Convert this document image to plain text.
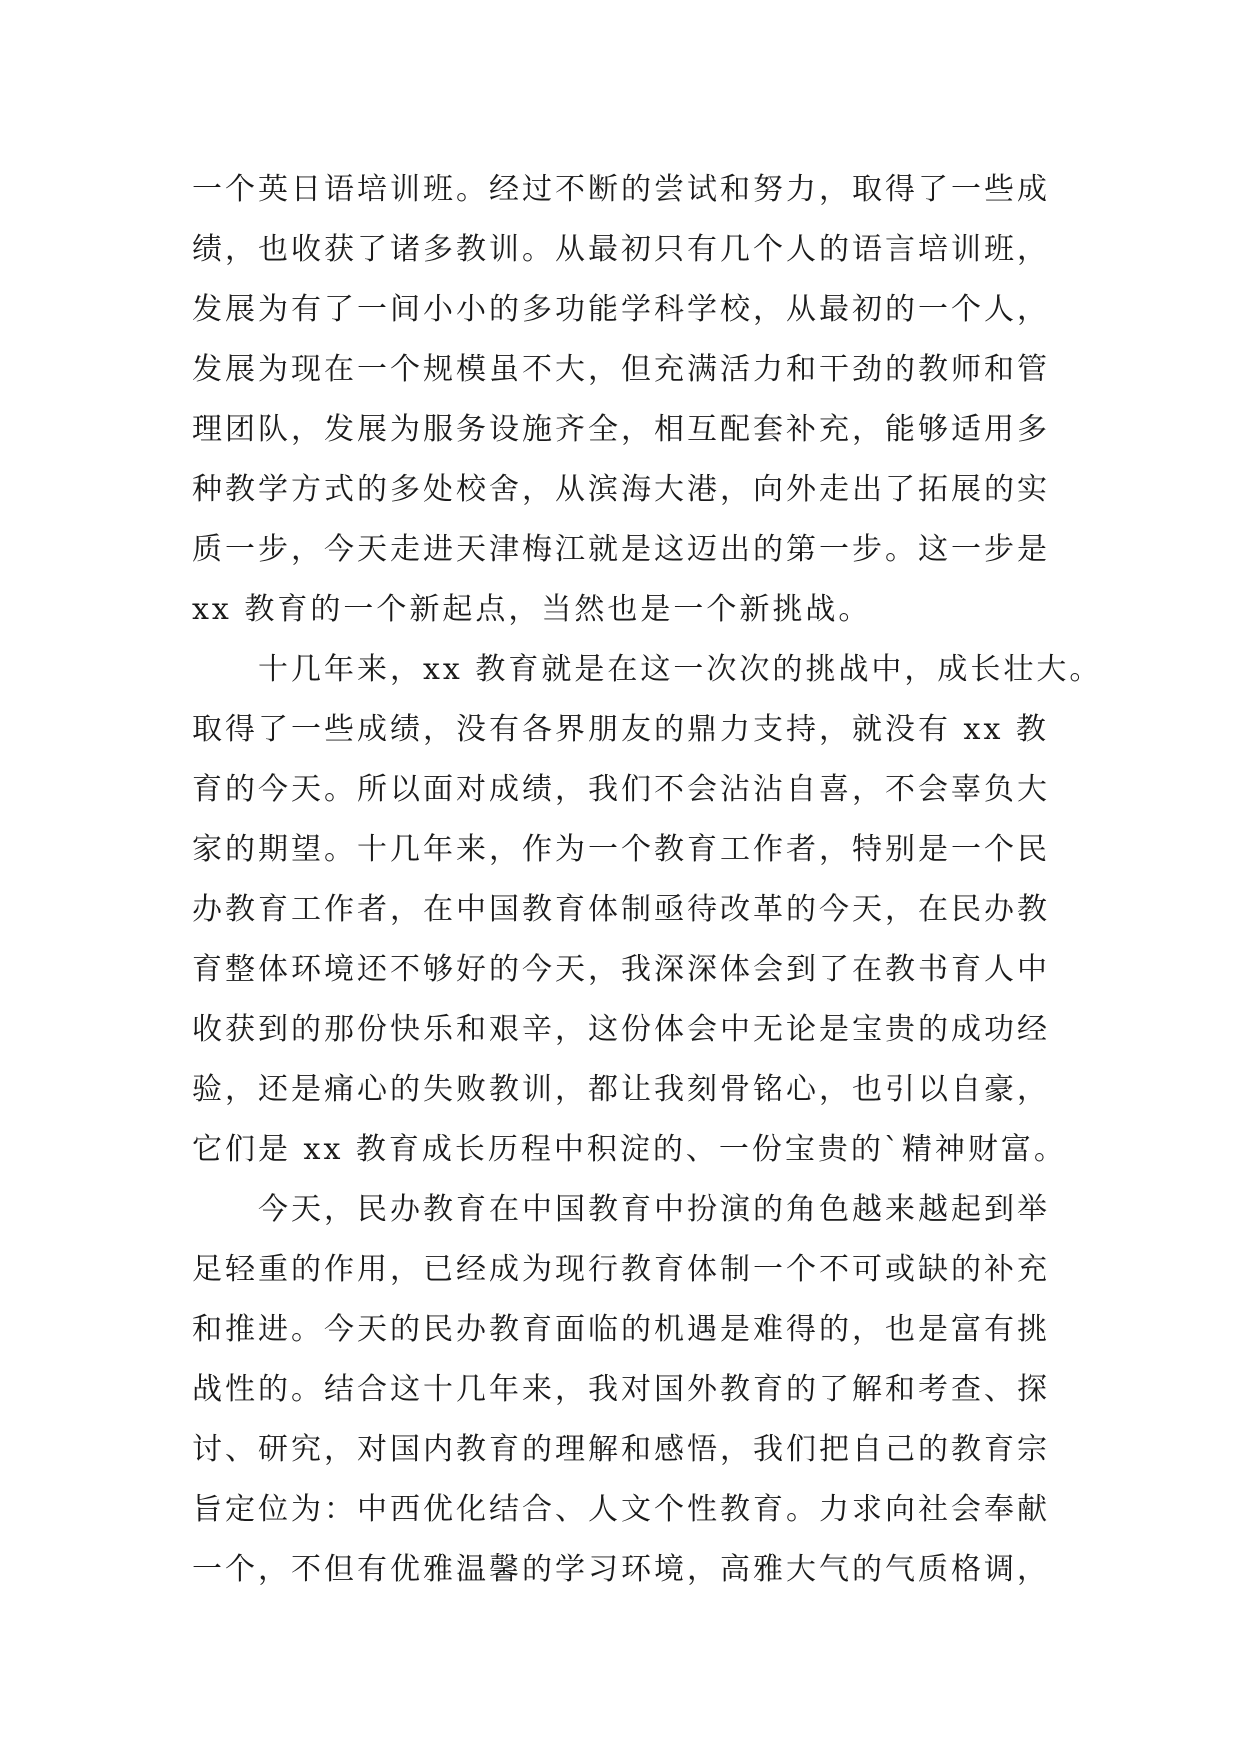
一个英日语培训班。经过不断的尝试和努力，取得了一些成
绩，也收获了诸多教训。从最初只有几个人的语言培训班，
发展为有了一间小小的多功能学科学校，从最初的一个人，
发展为现在一个规模虽不大，但充满活力和干劲的教师和管
理团队，发展为服务设施齐全，相互配套补充，能够适用多
种教学方式的多处校舍，从滨海大港，向外走出了拓展的实
质一步，今天走进天津梅江就是这迈出的第一步。这一步是
xx 教育的一个新起点，当然也是一个新挑战。
十几年来，xx 教育就是在这一次次的挑战中，成长壮大。
取得了一些成绩，没有各界朋友的鼎力支持，就没有 xx 教
育的今天。所以面对成绩，我们不会沾沾自喜，不会辜负大
家的期望。十几年来，作为一个教育工作者，特别是一个民
办教育工作者，在中国教育体制亟待改革的今天，在民办教
育整体环境还不够好的今天，我深深体会到了在教书育人中
收获到的那份快乐和艰辛，这份体会中无论是宝贵的成功经
验，还是痛心的失败教训，都让我刻骨铭心，也引以自豪，
它们是 xx 教育成长历程中积淀的、一份宝贵的`精神财富。
今天，民办教育在中国教育中扮演的角色越来越起到举
足轻重的作用，已经成为现行教育体制一个不可或缺的补充
和推进。今天的民办教育面临的机遇是难得的，也是富有挑
战性的。结合这十几年来，我对国外教育的了解和考查、探
讨、研究，对国内教育的理解和感悟，我们把自己的教育宗
旨定位为：中西优化结合、人文个性教育。力求向社会奉献
一个，不但有优雅温馨的学习环境，高雅大气的气质格调，
